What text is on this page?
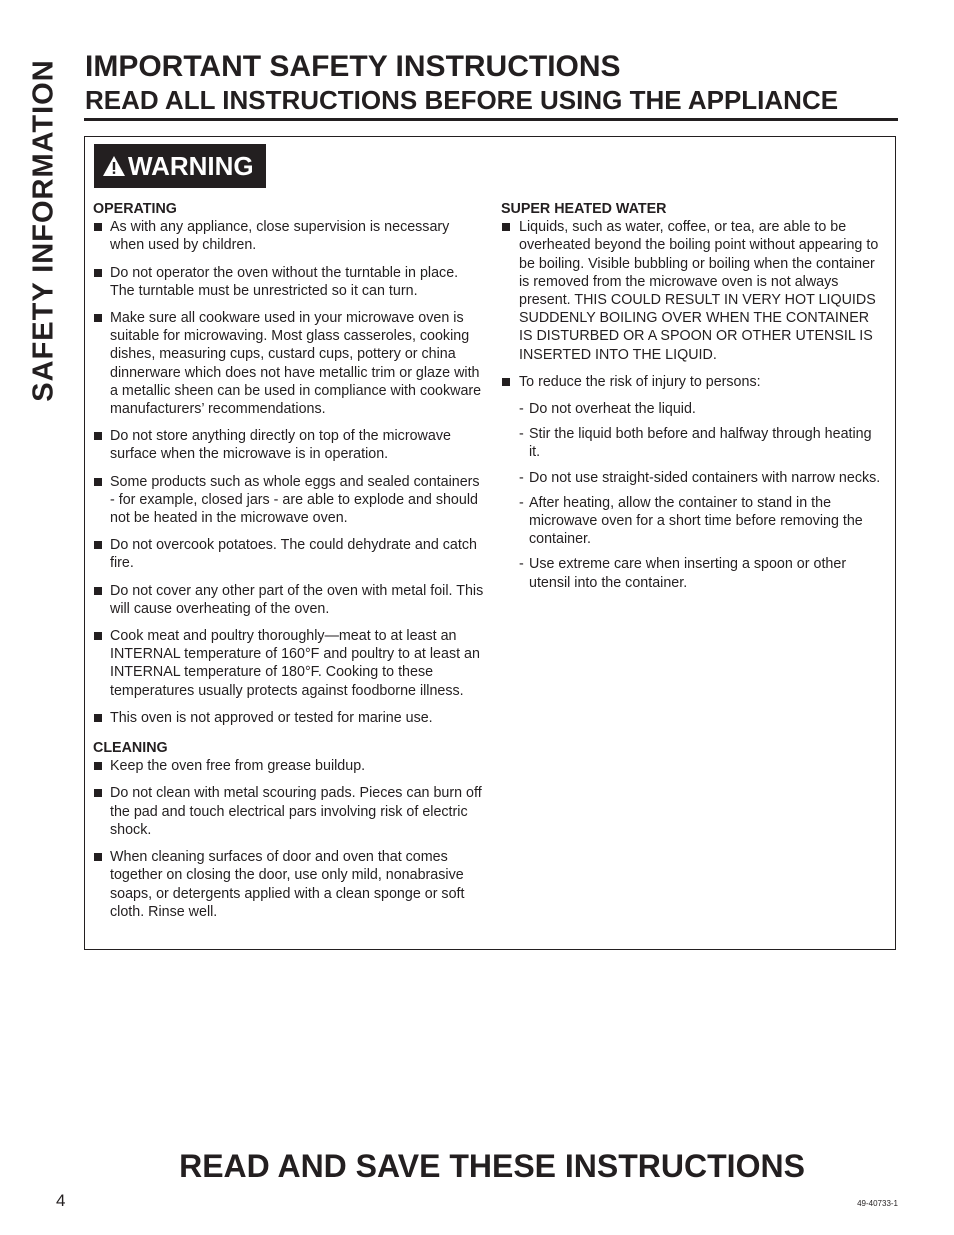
SAFETY INFORMATION IMPORTANT SAFETY INSTRUCTIONS
READ ALL INSTRUCTIONS BEFORE USING THE APPLIANCE
WARNING

OPERATING

As with any appliance, close supervision is necessary when used by children.
Do not operator the oven without the turntable in place. The turntable must be unrestricted so it can turn.
Make sure all cookware used in your microwave oven is suitable for microwaving. Most glass casseroles, cooking dishes, measuring cups, custard cups, pottery or china dinnerware which does not have metallic trim or glaze with a metallic sheen can be used in compliance with cookware manufacturers’ recommendations.
Do not store anything directly on top of the microwave surface when the microwave is in operation.
Some products such as whole eggs and sealed containers - for example, closed jars - are able to explode and should not be heated in the microwave oven.
Do not overcook potatoes. The could dehydrate and catch fire.
Do not cover any other part of the oven with metal foil. This will cause overheating of the oven.
Cook meat and poultry thoroughly—meat to at least an INTERNAL temperature of 160°F and poultry to at least an INTERNAL temperature of 180°F. Cooking to these temperatures usually protects against foodborne illness.
This oven is not approved or tested for marine use.

CLEANING

Keep the oven free from grease buildup.
Do not clean with metal scouring pads. Pieces can burn off the pad and touch electrical pars involving risk of electric shock.
When cleaning surfaces of door and oven that comes together on closing the door, use only mild, nonabrasive soaps, or detergents applied with a clean sponge or soft cloth. Rinse well.

SUPER HEATED WATER

Liquids, such as water, coffee, or tea, are able to be overheated beyond the boiling point without appearing to be boiling. Visible bubbling or boiling when the container is removed from the microwave oven is not always present. THIS COULD RESULT IN VERY HOT LIQUIDS SUDDENLY BOILING OVER WHEN THE CONTAINER IS DISTURBED OR A SPOON OR OTHER UTENSIL IS INSERTED INTO THE LIQUID.
To reduce the risk of injury to persons:
- Do not overheat the liquid.
- Stir the liquid both before and halfway through heating it.
- Do not use straight-sided containers with narrow necks.
- After heating, allow the container to stand in the microwave oven for a short time before removing the container.
- Use extreme care when inserting a spoon or other utensil into the container.
READ AND SAVE THESE INSTRUCTIONS
4	49-40733-1
